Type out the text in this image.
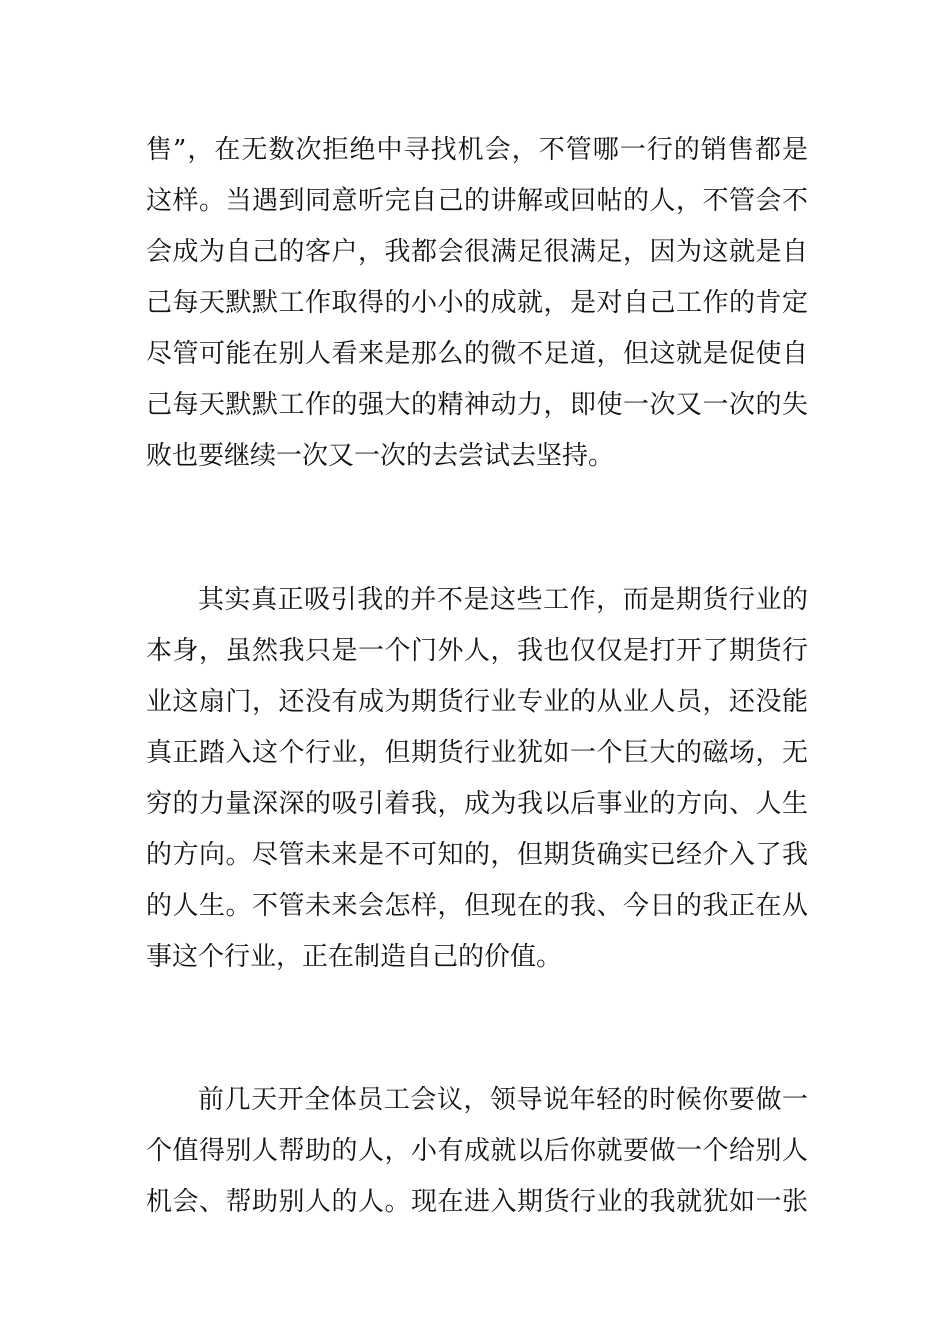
售”，在无数次拒绝中寻找机会，不管哪一行的销售都是
这样。当遇到同意听完自己的讲解或回帖的人，不管会不
会成为自己的客户，我都会很满足很满足，因为这就是自
己每天默默工作取得的小小的成就，是对自己工作的肯定
尽管可能在别人看来是那么的微不足道，但这就是促使自
己每天默默工作的强大的精神动力，即使一次又一次的失
败也要继续一次又一次的去尝试去坚持。
其实真正吸引我的并不是这些工作，而是期货行业的
本身，虽然我只是一个门外人，我也仅仅是打开了期货行
业这扇门，还没有成为期货行业专业的从业人员，还没能
真正踏入这个行业，但期货行业犹如一个巨大的磁场，无
穷的力量深深的吸引着我，成为我以后事业的方向、人生
的方向。尽管未来是不可知的，但期货确实已经介入了我
的人生。不管未来会怎样，但现在的我、今日的我正在从
事这个行业，正在制造自己的价值。
前几天开全体员工会议，领导说年轻的时候你要做一
个值得别人帮助的人，小有成就以后你就要做一个给别人
机会、帮助别人的人。现在进入期货行业的我就犹如一张
